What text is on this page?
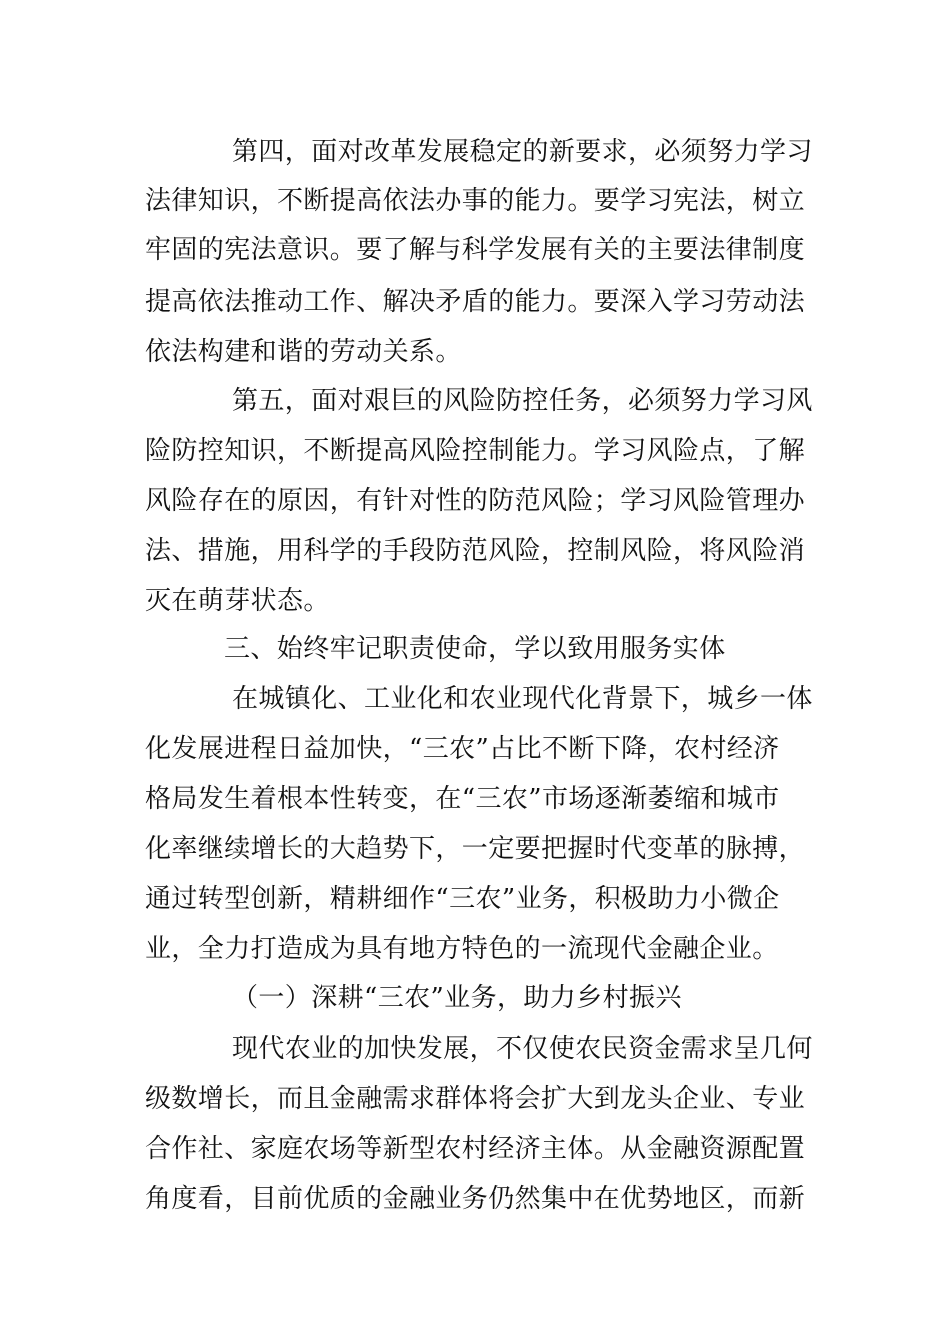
第四，面对改革发展稳定的新要求，必须努力学习
法律知识，不断提高依法办事的能力。要学习宪法，树立
牢固的宪法意识。要了解与科学发展有关的主要法律制度
提高依法推动工作、解决矛盾的能力。要深入学习劳动法
依法构建和谐的劳动关系。
第五，面对艰巨的风险防控任务，必须努力学习风
险防控知识，不断提高风险控制能力。学习风险点，了解
风险存在的原因，有针对性的防范风险；学习风险管理办
法、措施，用科学的手段防范风险，控制风险，将风险消
灭在萌芽状态。
三、始终牢记职责使命，学以致用服务实体
在城镇化、工业化和农业现代化背景下，城乡一体
化发展进程日益加快，“三农”占比不断下降，农村经济
格局发生着根本性转变，在“三农”市场逐渐萎缩和城市
化率继续增长的大趋势下，一定要把握时代变革的脉搏，
通过转型创新，精耕细作“三农”业务，积极助力小微企
业，全力打造成为具有地方特色的一流现代金融企业。
（一）深耕“三农”业务，助力乡村振兴
现代农业的加快发展，不仅使农民资金需求呈几何
级数增长，而且金融需求群体将会扩大到龙头企业、专业
合作社、家庭农场等新型农村经济主体。从金融资源配置
角度看，目前优质的金融业务仍然集中在优势地区，而新
